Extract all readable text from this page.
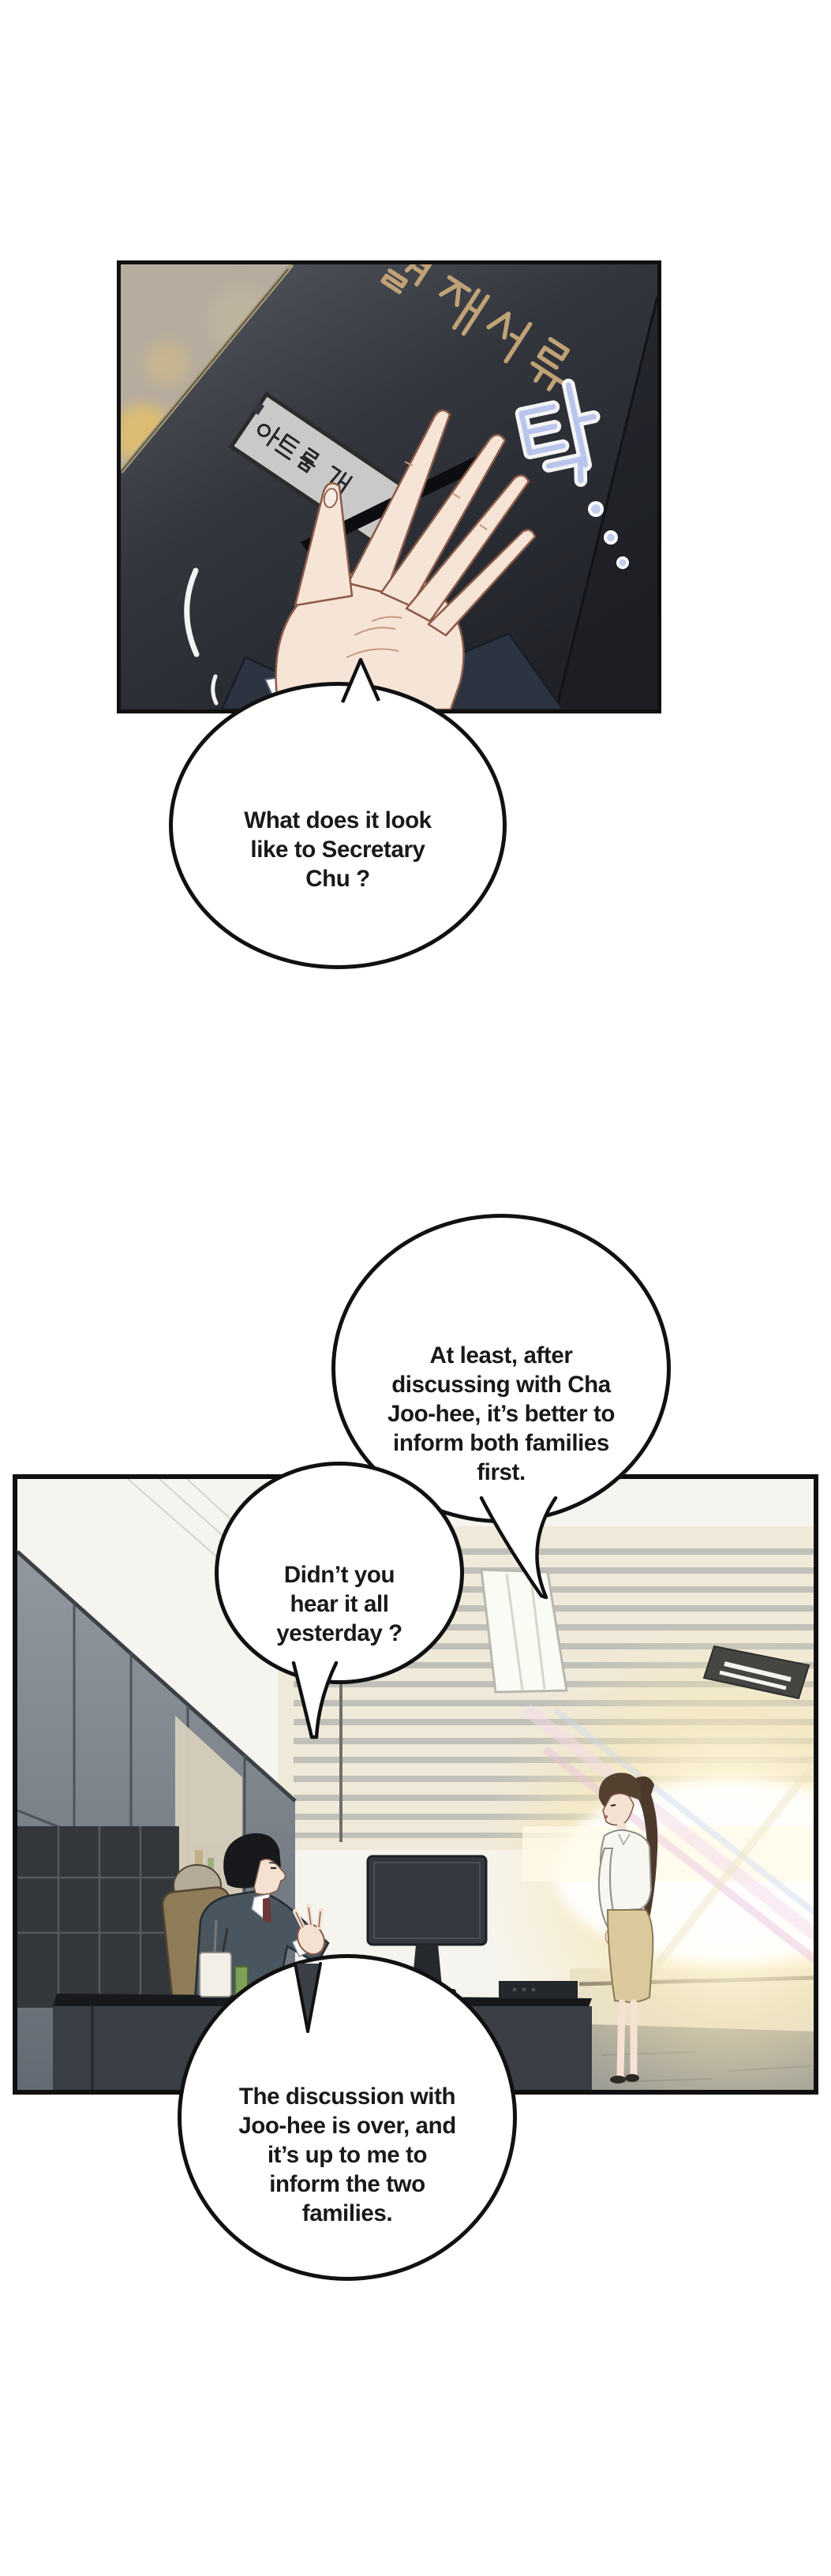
What does it look
like to Secretary
Chu ?
At least, after
discussing with Cha
Joo-hee, it’s better to
inform both families
first.
Didn’t you
hear it all
yesterday ?
The discussion with
Joo-hee is over, and
it’s up to me to
inform the two
families.
